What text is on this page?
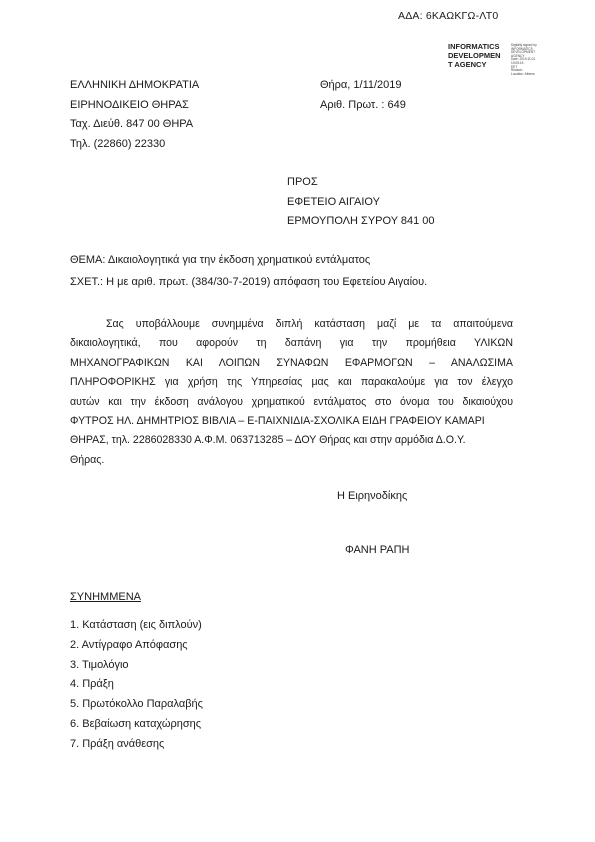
ΑΔΑ: 6ΚΑΩΚΓΩ-ΛΤ0
INFORMATICS
DEVELOPMEN
T AGENCY
Digitally signed by
INFORMATICS
DEVELOPMENT AGENCY
Date: 2019.11.01 13:05:15
EET
Reason:
Location: Athens
ΕΛΛΗΝΙΚΗ ΔΗΜΟΚΡΑΤΙΑ
ΕΙΡΗΝΟΔΙΚΕΙΟ ΘΗΡΑΣ
Ταχ. Διεύθ. 847 00 ΘΗΡΑ
Τηλ. (22860) 22330
Θήρα, 1/11/2019
Αριθ. Πρωτ. : 649
ΠΡΟΣ
ΕΦΕΤΕΙΟ ΑΙΓΑΙΟΥ
ΕΡΜΟΥΠΟΛΗ ΣΥΡΟΥ 841 00
ΘΕΜΑ: Δικαιολογητικά για την έκδοση χρηματικού εντάλματος
ΣΧΕΤ.: Η με αριθ. πρωτ. (384/30-7-2019) απόφαση του Εφετείου Αιγαίου.
Σας υποβάλλουμε συνημμένα διπλή κατάσταση μαζί με τα απαιτούμενα
δικαιολογητικά, που αφορούν τη δαπάνη για την προμήθεια ΥΛΙΚΩΝ
ΜΗΧΑΝΟΓΡΑΦΙΚΩΝ ΚΑΙ ΛΟΙΠΩΝ ΣΥΝΑΦΩΝ ΕΦΑΡΜΟΓΩΝ – ΑΝΑΛΩΣΙΜΑ
ΠΛΗΡΟΦΟΡΙΚΗΣ για χρήση της Υπηρεσίας μας και παρακαλούμε για τον έλεγχο
αυτών και την έκδοση ανάλογου χρηματικού εντάλματος στο όνομα του δικαιούχου
ΦΥΤΡΟΣ ΗΛ. ΔΗΜΗΤΡΙΟΣ ΒΙΒΛΙΑ – Ε-ΠΑΙΧΝΙΔΙΑ-ΣΧΟΛΙΚΑ ΕΙΔΗ ΓΡΑΦΕΙΟΥ ΚΑΜΑΡΙ
ΘΗΡΑΣ, τηλ. 2286028330 Α.Φ.Μ. 063713285 – ΔΟΥ Θήρας και στην αρμόδια Δ.Ο.Υ.
Θήρας.
Η Ειρηνοδίκης
ΦΑΝΗ ΡΑΠΗ
ΣΥΝΗΜΜΕΝΑ
1. Κατάσταση (εις διπλούν)
2. Αντίγραφο Απόφασης
3. Τιμολόγιο
4. Πράξη
5. Πρωτόκολλο Παραλαβής
6. Βεβαίωση καταχώρησης
7. Πράξη ανάθεσης
